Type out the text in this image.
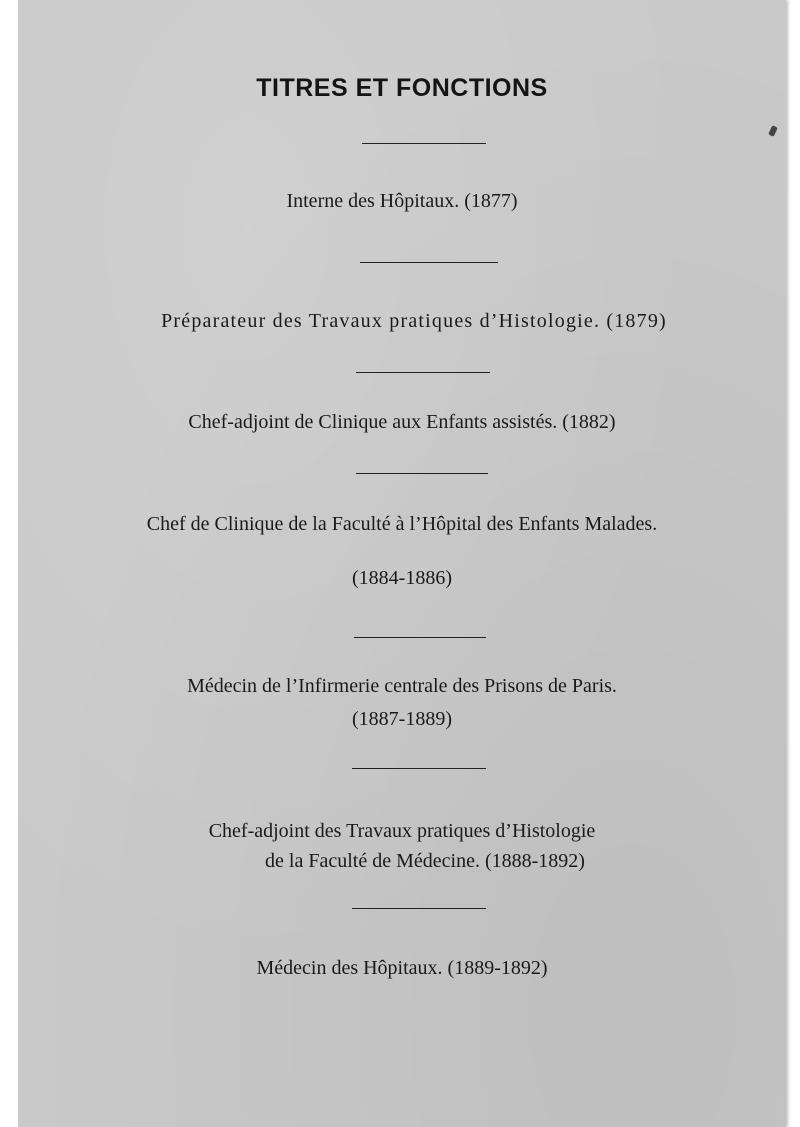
TITRES ET FONCTIONS

Interne des Hôpitaux. (1877)

Préparateur des Travaux pratiques d’Histologie. (1879)

Chef-adjoint de Clinique aux Enfants assistés. (1882)

Chef de Clinique de la Faculté à l’Hôpital des Enfants Malades.

(1884-1886)

Médecin de l’Infirmerie centrale des Prisons de Paris.

(1887-1889)

Chef-adjoint des Travaux pratiques d’Histologie

de la Faculté de Médecine. (1888-1892)

Médecin des Hôpitaux. (1889-1892)
